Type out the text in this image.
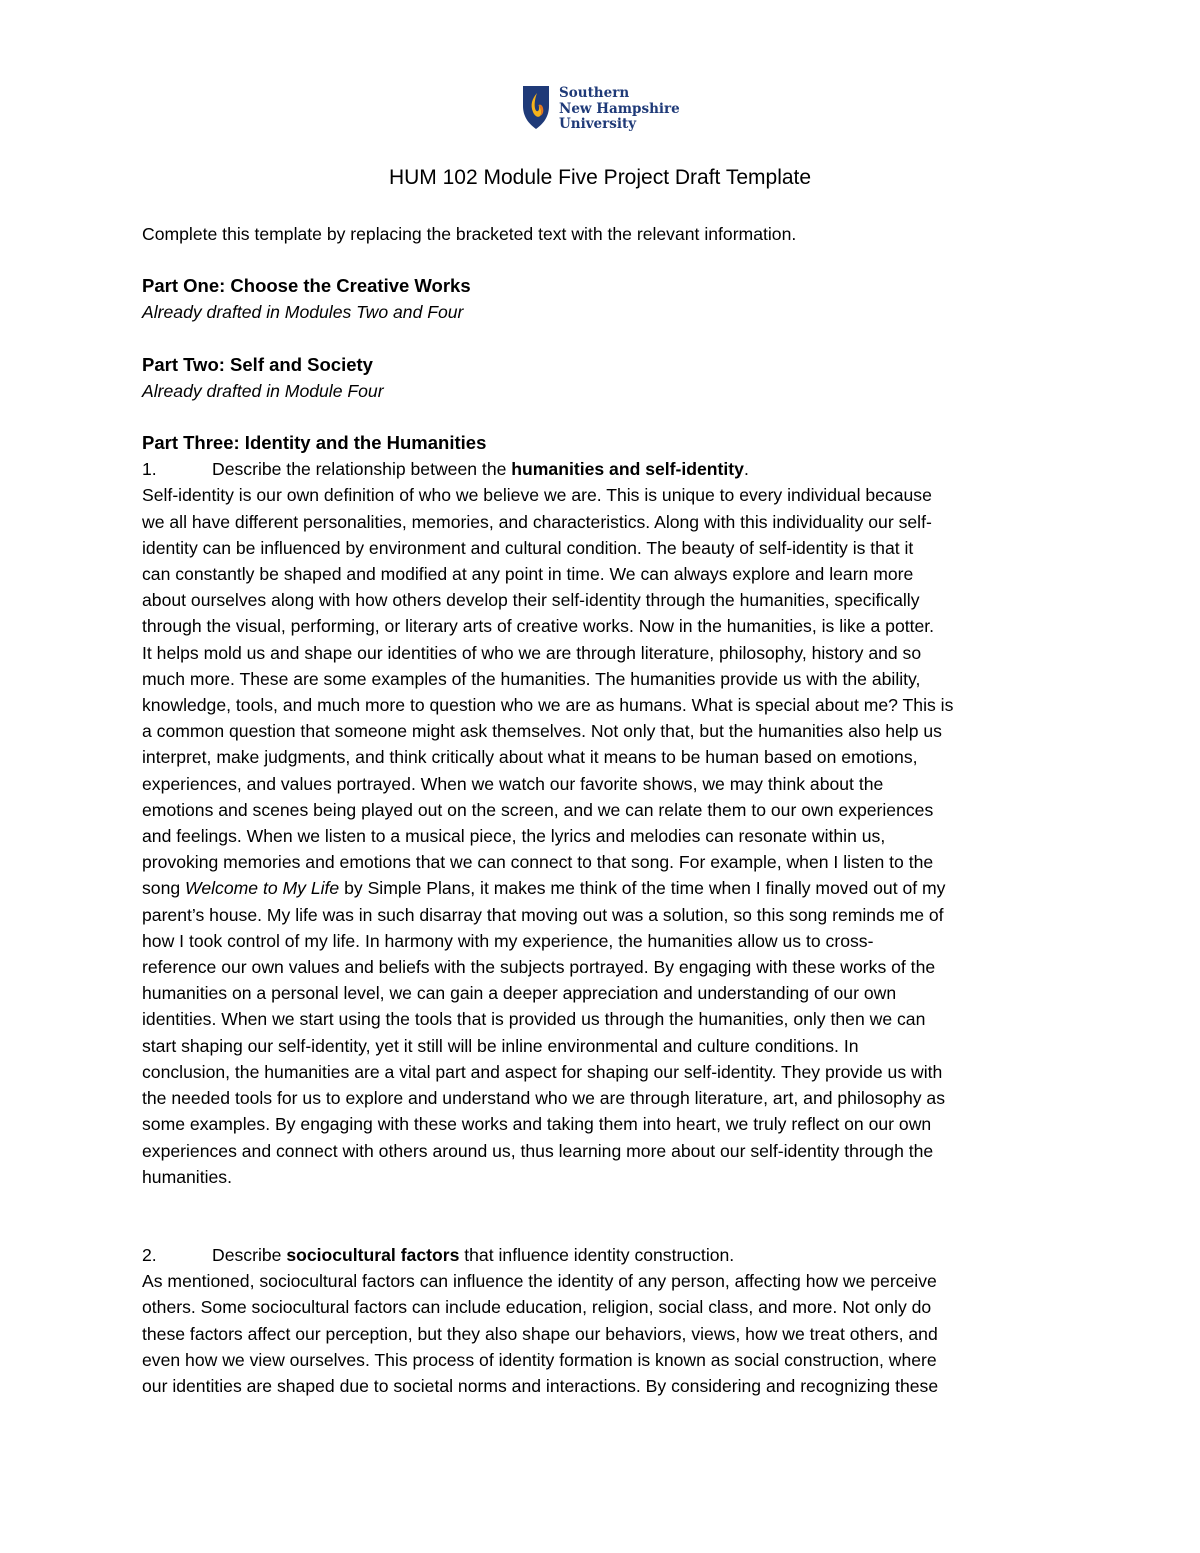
Southern
New Hampshire
University
HUM 102 Module Five Project Draft Template
Complete this template by replacing the bracketed text with the relevant information.
Part One: Choose the Creative Works
Already drafted in Modules Two and Four
Part Two: Self and Society
Already drafted in Module Four
Part Three: Identity and the Humanities
1.	Describe the relationship between the humanities and self-identity.
Self-identity is our own definition of who we believe we are. This is unique to every individual because
we all have different personalities, memories, and characteristics. Along with this individuality our self-
identity can be influenced by environment and cultural condition. The beauty of self-identity is that it
can constantly be shaped and modified at any point in time. We can always explore and learn more
about ourselves along with how others develop their self-identity through the humanities, specifically
through the visual, performing, or literary arts of creative works. Now in the humanities, is like a potter.
It helps mold us and shape our identities of who we are through literature, philosophy, history and so
much more. These are some examples of the humanities. The humanities provide us with the ability,
knowledge, tools, and much more to question who we are as humans. What is special about me? This is
a common question that someone might ask themselves. Not only that, but the humanities also help us
interpret, make judgments, and think critically about what it means to be human based on emotions,
experiences, and values portrayed. When we watch our favorite shows, we may think about the
emotions and scenes being played out on the screen, and we can relate them to our own experiences
and feelings. When we listen to a musical piece, the lyrics and melodies can resonate within us,
provoking memories and emotions that we can connect to that song. For example, when I listen to the
song Welcome to My Life by Simple Plans, it makes me think of the time when I finally moved out of my
parent’s house. My life was in such disarray that moving out was a solution, so this song reminds me of
how I took control of my life. In harmony with my experience, the humanities allow us to cross-
reference our own values and beliefs with the subjects portrayed. By engaging with these works of the
humanities on a personal level, we can gain a deeper appreciation and understanding of our own
identities. When we start using the tools that is provided us through the humanities, only then we can
start shaping our self-identity, yet it still will be inline environmental and culture conditions. In
conclusion, the humanities are a vital part and aspect for shaping our self-identity. They provide us with
the needed tools for us to explore and understand who we are through literature, art, and philosophy as
some examples. By engaging with these works and taking them into heart, we truly reflect on our own
experiences and connect with others around us, thus learning more about our self-identity through the
humanities.
2.	Describe sociocultural factors that influence identity construction.
As mentioned, sociocultural factors can influence the identity of any person, affecting how we perceive
others. Some sociocultural factors can include education, religion, social class, and more. Not only do
these factors affect our perception, but they also shape our behaviors, views, how we treat others, and
even how we view ourselves. This process of identity formation is known as social construction, where
our identities are shaped due to societal norms and interactions. By considering and recognizing these
